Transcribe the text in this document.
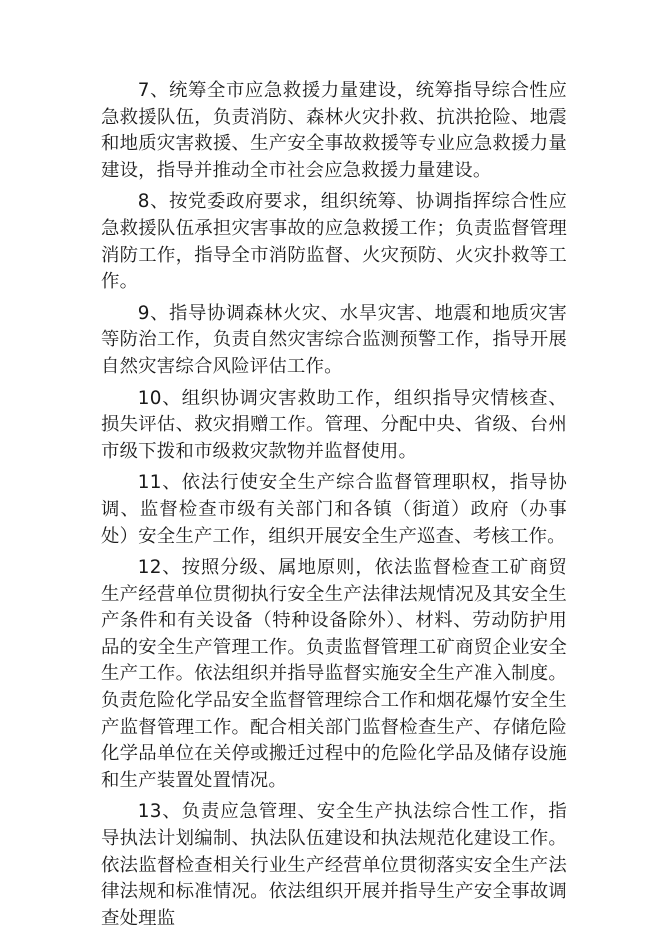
7、统筹全市应急救援力量建设，统筹指导综合性应急救援队伍，负责消防、森林火灾扑救、抗洪抢险、地震和地质灾害救援、生产安全事故救援等专业应急救援力量建设，指导并推动全市社会应急救援力量建设。

8、按党委政府要求，组织统筹、协调指挥综合性应急救援队伍承担灾害事故的应急救援工作；负责监督管理消防工作，指导全市消防监督、火灾预防、火灾扑救等工作。

9、指导协调森林火灾、水旱灾害、地震和地质灾害等防治工作，负责自然灾害综合监测预警工作，指导开展自然灾害综合风险评估工作。

10、组织协调灾害救助工作，组织指导灾情核查、损失评估、救灾捐赠工作。管理、分配中央、省级、台州市级下拨和市级救灾款物并监督使用。

11、依法行使安全生产综合监督管理职权，指导协调、监督检查市级有关部门和各镇（街道）政府（办事处）安全生产工作，组织开展安全生产巡查、考核工作。

12、按照分级、属地原则，依法监督检查工矿商贸生产经营单位贯彻执行安全生产法律法规情况及其安全生产条件和有关设备（特种设备除外）、材料、劳动防护用品的安全生产管理工作。负责监督管理工矿商贸企业安全生产工作。依法组织并指导监督实施安全生产准入制度。负责危险化学品安全监督管理综合工作和烟花爆竹安全生产监督管理工作。配合相关部门监督检查生产、存储危险化学品单位在关停或搬迁过程中的危险化学品及储存设施和生产装置处置情况。

13、负责应急管理、安全生产执法综合性工作，指导执法计划编制、执法队伍建设和执法规范化建设工作。依法监督检查相关行业生产经营单位贯彻落实安全生产法律法规和标准情况。依法组织开展并指导生产安全事故调查处理监
